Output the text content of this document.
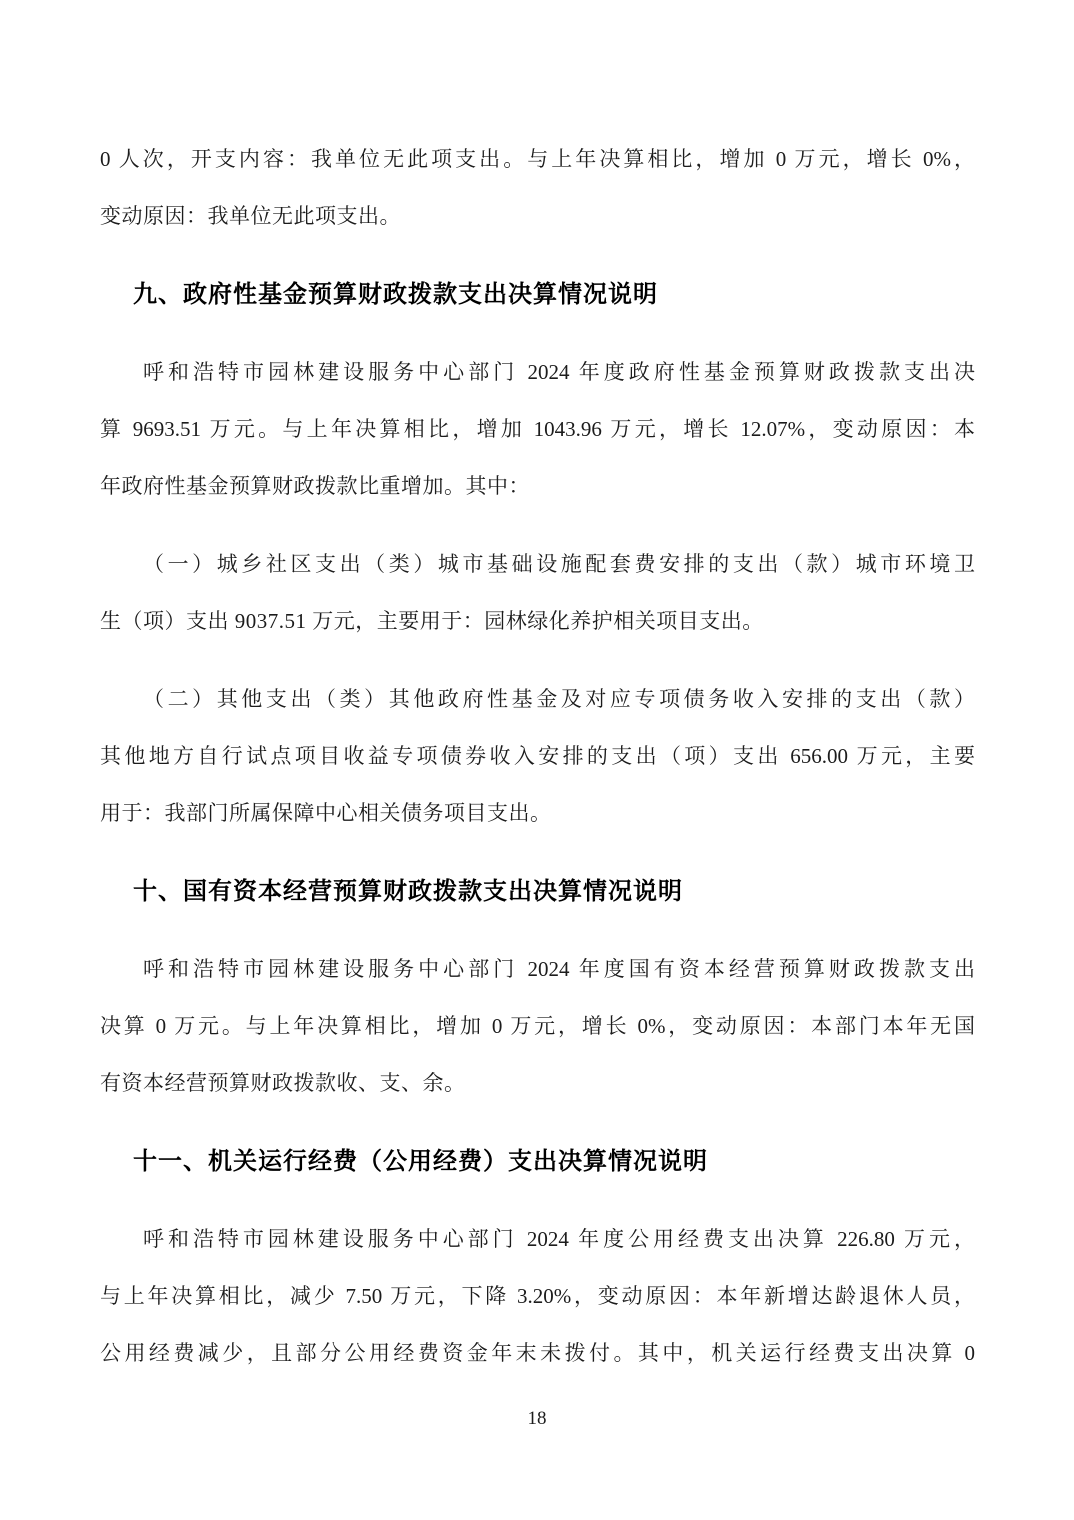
0 人次，开支内容：我单位无此项支出。与上年决算相比，增加 0 万元，增长 0%，
变动原因：我单位无此项支出。
九、政府性基金预算财政拨款支出决算情况说明
呼和浩特市园林建设服务中心部门 2024 年度政府性基金预算财政拨款支出决
算 9693.51 万元。与上年决算相比，增加 1043.96 万元，增长 12.07%，变动原因：本
年政府性基金预算财政拨款比重增加。其中：
（一）城乡社区支出（类）城市基础设施配套费安排的支出（款）城市环境卫
生（项）支出 9037.51 万元，主要用于：园林绿化养护相关项目支出。
（二）其他支出（类）其他政府性基金及对应专项债务收入安排的支出（款）
其他地方自行试点项目收益专项债券收入安排的支出（项）支出 656.00 万元，主要
用于：我部门所属保障中心相关债务项目支出。
十、国有资本经营预算财政拨款支出决算情况说明
呼和浩特市园林建设服务中心部门 2024 年度国有资本经营预算财政拨款支出
决算 0 万元。与上年决算相比，增加 0 万元，增长 0%，变动原因：本部门本年无国
有资本经营预算财政拨款收、支、余。
十一、机关运行经费（公用经费）支出决算情况说明
呼和浩特市园林建设服务中心部门 2024 年度公用经费支出决算 226.80 万元，
与上年决算相比，减少 7.50 万元，下降 3.20%，变动原因：本年新增达龄退休人员，
公用经费减少，且部分公用经费资金年末未拨付。其中，机关运行经费支出决算 0
18
